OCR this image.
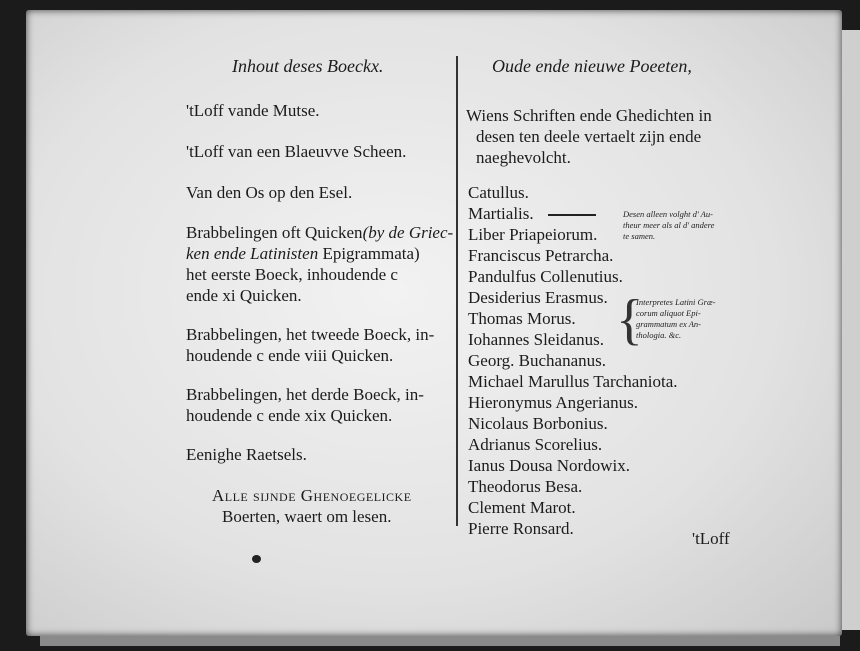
Inhout deses Boeckx.
'tLoff vande Mutse.
'tLoff van een Blaeuvve Scheen.
Van den Os op den Esel.
Brabbelingen oft Quicken(by de Griec-
ken ende Latinisten Epigrammata)
het eerste Boeck, inhoudende c
ende xi Quicken.
Brabbelingen, het tweede Boeck, in-
houdende c ende viii Quicken.
Brabbelingen, het derde Boeck, in-
houdende c ende xix Quicken.
Eenighe Raetsels.
Alle sijnde Ghenoegelicke
Boerten, waert om lesen.
Oude ende nieuwe Poeeten,
Wiens Schriften ende Ghedichten in
desen ten deele vertaelt zijn ende
naeghevolcht.
Catullus.
Martialis.
Liber Priapeiorum.
Franciscus Petrarcha.
Pandulfus Collenutius.
Desiderius Erasmus.
Thomas Morus.
Iohannes Sleidanus.
Georg. Buchananus.
Michael Marullus Tarchaniota.
Hieronymus Angerianus.
Nicolaus Borbonius.
Adrianus Scorelius.
Ianus Dousa Nordowix.
Theodorus Besa.
Clement Marot.
Pierre Ronsard.
Desen alleen volght d' Au-
theur meer als al d' andere
te samen.
Interpretes Latini Græ-
corum aliquot Epi-
grammatum ex An-
thologia. &c.
'tLoff
{
